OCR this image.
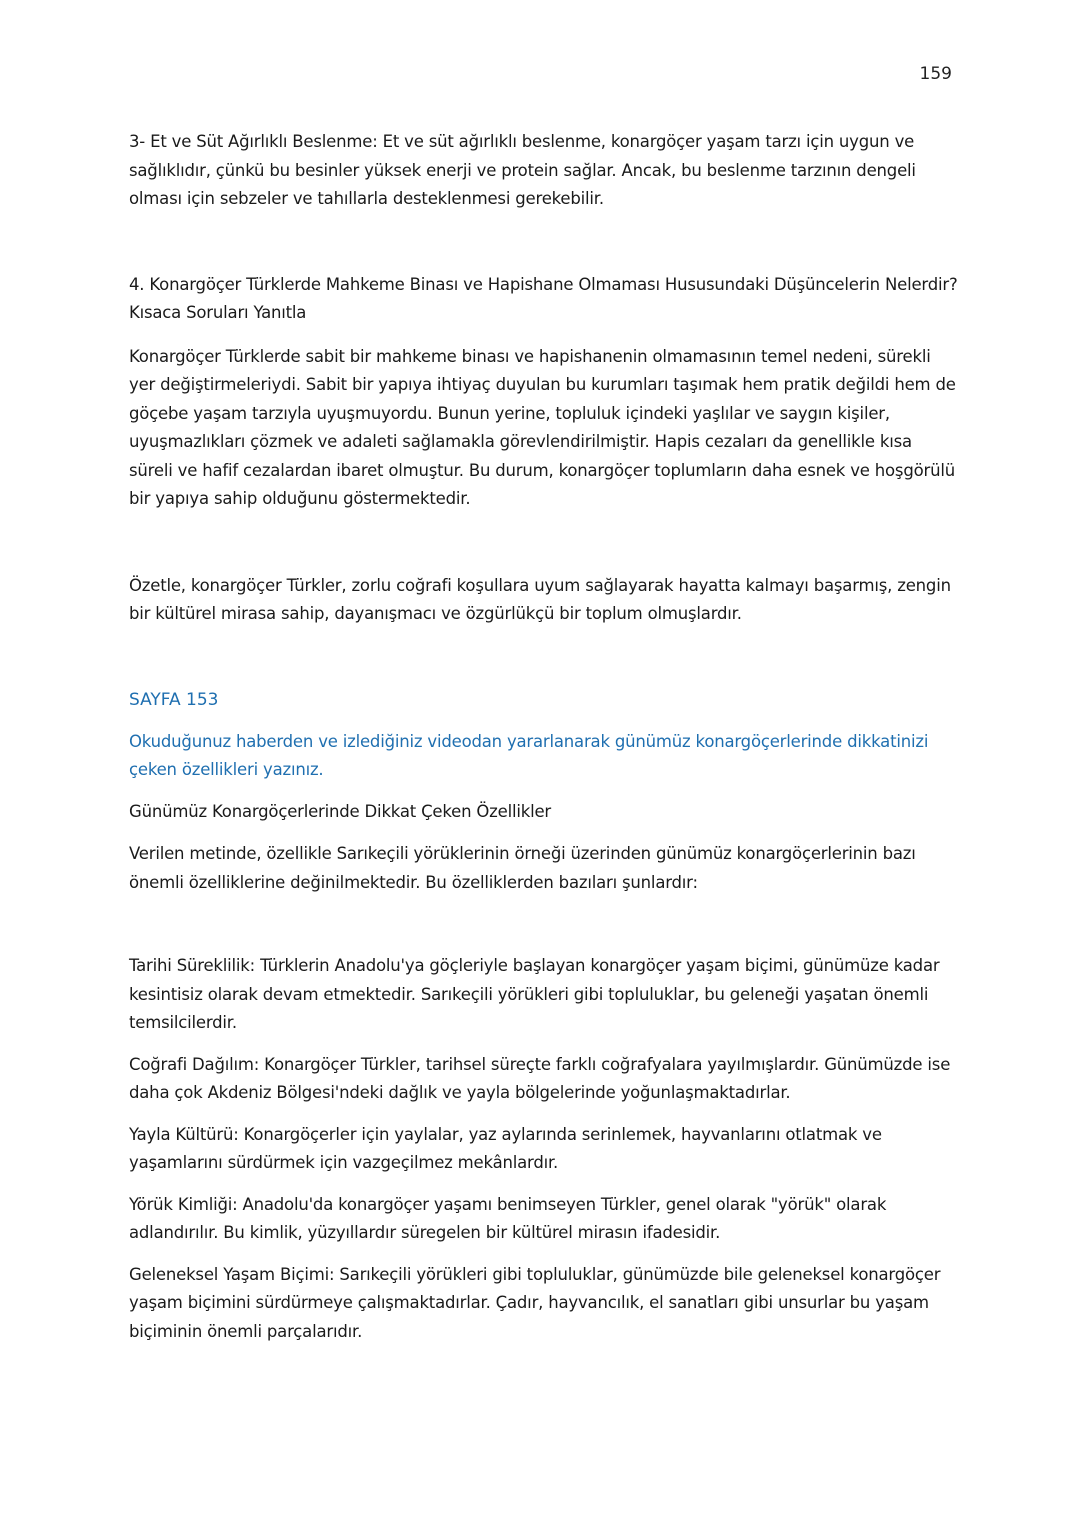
159

3- Et ve Süt Ağırlıklı Beslenme: Et ve süt ağırlıklı beslenme, konargöçer yaşam tarzı için uygun ve sağlıklıdır, çünkü bu besinler yüksek enerji ve protein sağlar. Ancak, bu beslenme tarzının dengeli olması için sebzeler ve tahıllarla desteklenmesi gerekebilir.

4. Konargöçer Türklerde Mahkeme Binası ve Hapishane Olmaması Hususundaki Düşüncelerin Nelerdir? Kısaca Soruları Yanıtla

Konargöçer Türklerde sabit bir mahkeme binası ve hapishanenin olmamasının temel nedeni, sürekli yer değiştirmeleriydi. Sabit bir yapıya ihtiyaç duyulan bu kurumları taşımak hem pratik değildi hem de göçebe yaşam tarzıyla uyuşmuyordu. Bunun yerine, topluluk içindeki yaşlılar ve saygın kişiler, uyuşmazlıkları çözmek ve adaleti sağlamakla görevlendirilmiştir. Hapis cezaları da genellikle kısa süreli ve hafif cezalardan ibaret olmuştur. Bu durum, konargöçer toplumların daha esnek ve hoşgörülü bir yapıya sahip olduğunu göstermektedir.

Özetle, konargöçer Türkler, zorlu coğrafi koşullara uyum sağlayarak hayatta kalmayı başarmış, zengin bir kültürel mirasa sahip, dayanışmacı ve özgürlükçü bir toplum olmuşlardır.

SAYFA 153

Okuduğunuz haberden ve izlediğiniz videodan yararlanarak günümüz konargöçerlerinde dikkatinizi çeken özellikleri yazınız.

Günümüz Konargöçerlerinde Dikkat Çeken Özellikler

Verilen metinde, özellikle Sarıkeçili yörüklerinin örneği üzerinden günümüz konargöçerlerinin bazı önemli özelliklerine değinilmektedir. Bu özelliklerden bazıları şunlardır:

Tarihi Süreklilik: Türklerin Anadolu'ya göçleriyle başlayan konargöçer yaşam biçimi, günümüze kadar kesintisiz olarak devam etmektedir. Sarıkeçili yörükleri gibi topluluklar, bu geleneği yaşatan önemli temsilcilerdir.

Coğrafi Dağılım: Konargöçer Türkler, tarihsel süreçte farklı coğrafyalara yayılmışlardır. Günümüzde ise daha çok Akdeniz Bölgesi'ndeki dağlık ve yayla bölgelerinde yoğunlaşmaktadırlar.

Yayla Kültürü: Konargöçerler için yaylalar, yaz aylarında serinlemek, hayvanlarını otlatmak ve yaşamlarını sürdürmek için vazgeçilmez mekânlardır.

Yörük Kimliği: Anadolu'da konargöçer yaşamı benimseyen Türkler, genel olarak "yörük" olarak adlandırılır. Bu kimlik, yüzyıllardır süregelen bir kültürel mirasın ifadesidir.

Geleneksel Yaşam Biçimi: Sarıkeçili yörükleri gibi topluluklar, günümüzde bile geleneksel konargöçer yaşam biçimini sürdürmeye çalışmaktadırlar. Çadır, hayvancılık, el sanatları gibi unsurlar bu yaşam biçiminin önemli parçalarıdır.
